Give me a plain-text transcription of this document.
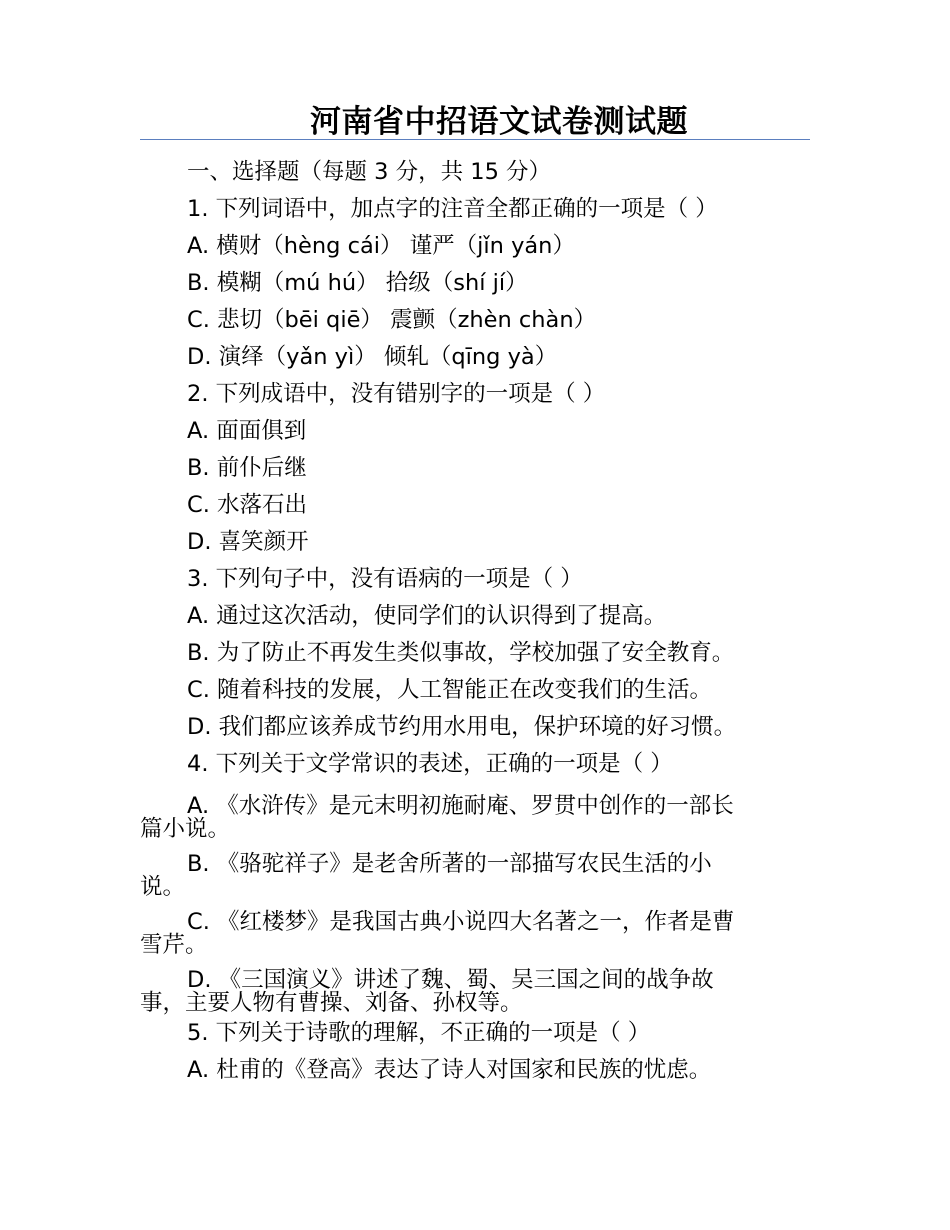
河南省中招语文试卷测试题
一、选择题（每题 3 分，共 15 分）
1. 下列词语中，加点字的注音全都正确的一项是（ ）
A. 横财（hèng cái） 谨严（jǐn yán）
B. 模糊（mú hú） 拾级（shí jí）
C. 悲切（bēi qiē） 震颤（zhèn chàn）
D. 演绎（yǎn yì） 倾轧（qīng yà）
2. 下列成语中，没有错别字的一项是（ ）
A. 面面俱到
B. 前仆后继
C. 水落石出
D. 喜笑颜开
3. 下列句子中，没有语病的一项是（ ）
A. 通过这次活动，使同学们的认识得到了提高。
B. 为了防止不再发生类似事故，学校加强了安全教育。
C. 随着科技的发展，人工智能正在改变我们的生活。
D. 我们都应该养成节约用水用电，保护环境的好习惯。
4. 下列关于文学常识的表述，正确的一项是（ ）
A. 《水浒传》是元末明初施耐庵、罗贯中创作的一部长
篇小说。
B. 《骆驼祥子》是老舍所著的一部描写农民生活的小
说。
C. 《红楼梦》是我国古典小说四大名著之一，作者是曹
雪芹。
D. 《三国演义》讲述了魏、蜀、吴三国之间的战争故
事，主要人物有曹操、刘备、孙权等。
5. 下列关于诗歌的理解，不正确的一项是（ ）
A. 杜甫的《登高》表达了诗人对国家和民族的忧虑。
